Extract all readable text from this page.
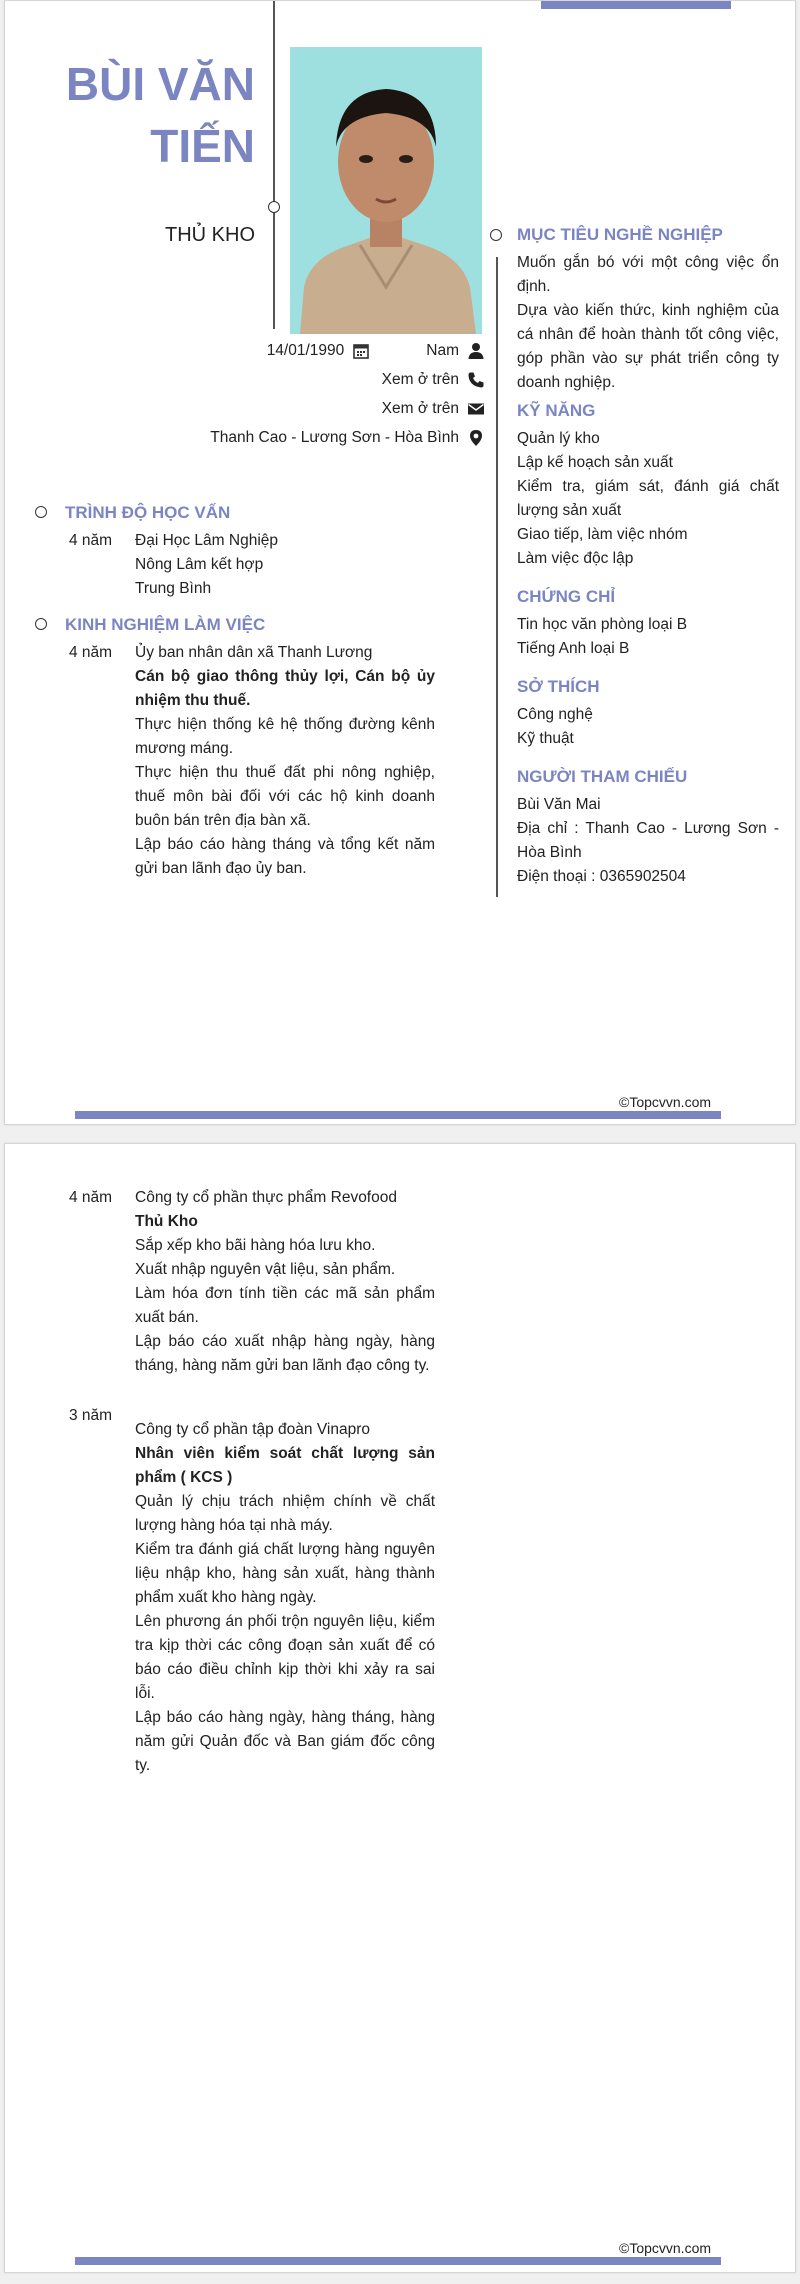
BÙI VĂN
TIẾN
THỦ KHO
14/01/1990	Nam
Xem ở trên
Xem ở trên
Thanh Cao - Lương Sơn - Hòa Bình
TRÌNH ĐỘ HỌC VẤN
4 năm Đại Học Lâm Nghiệp
Nông Lâm kết hợp
Trung Bình
KINH NGHIỆM LÀM VIỆC
4 năm Ủy ban nhân dân xã Thanh Lương
Cán bộ giao thông thủy lợi, Cán bộ ủy nhiệm thu thuế.
Thực hiện thống kê hệ thống đường kênh mương máng.
Thực hiện thu thuế đất phi nông nghiệp, thuế môn bài đối với các hộ kinh doanh buôn bán trên địa bàn xã.
Lập báo cáo hàng tháng và tổng kết năm gửi ban lãnh đạo ủy ban.
MỤC TIÊU NGHỀ NGHIỆP
Muốn gắn bó với một công việc ổn định.
Dựa vào kiến thức, kinh nghiệm của cá nhân để hoàn thành tốt công việc, góp phần vào sự phát triển công ty doanh nghiệp.
KỸ NĂNG
Quản lý kho
Lập kế hoạch sản xuất
Kiểm tra, giám sát, đánh giá chất lượng sản xuất
Giao tiếp, làm việc nhóm
Làm việc độc lập
CHỨNG CHỈ
Tin học văn phòng loại B
Tiếng Anh loại B
SỞ THÍCH
Công nghệ
Kỹ thuật
NGƯỜI THAM CHIẾU
Bùi Văn Mai
Địa chỉ : Thanh Cao - Lương Sơn - Hòa Bình
Điện thoại : 0365902504
©Topcvvn.com
4 năm Công ty cổ phần thực phẩm Revofood
Thủ Kho
Sắp xếp kho bãi hàng hóa lưu kho.
Xuất nhập nguyên vật liệu, sản phẩm.
Làm hóa đơn tính tiền các mã sản phẩm xuất bán.
Lập báo cáo xuất nhập hàng ngày, hàng tháng, hàng năm gửi ban lãnh đạo công ty.
3 năm
Công ty cổ phần tập đoàn Vinapro
Nhân viên kiểm soát chất lượng sản phẩm ( KCS )
Quản lý chịu trách nhiệm chính về chất lượng hàng hóa tại nhà máy.
Kiểm tra đánh giá chất lượng hàng nguyên liệu nhập kho, hàng sản xuất, hàng thành phẩm xuất kho hàng ngày.
Lên phương án phối trộn nguyên liệu, kiểm tra kịp thời các công đoạn sản xuất để có báo cáo điều chỉnh kịp thời khi xảy ra sai lỗi.
Lập báo cáo hàng ngày, hàng tháng, hàng năm gửi Quản đốc và Ban giám đốc công ty.
©Topcvvn.com
